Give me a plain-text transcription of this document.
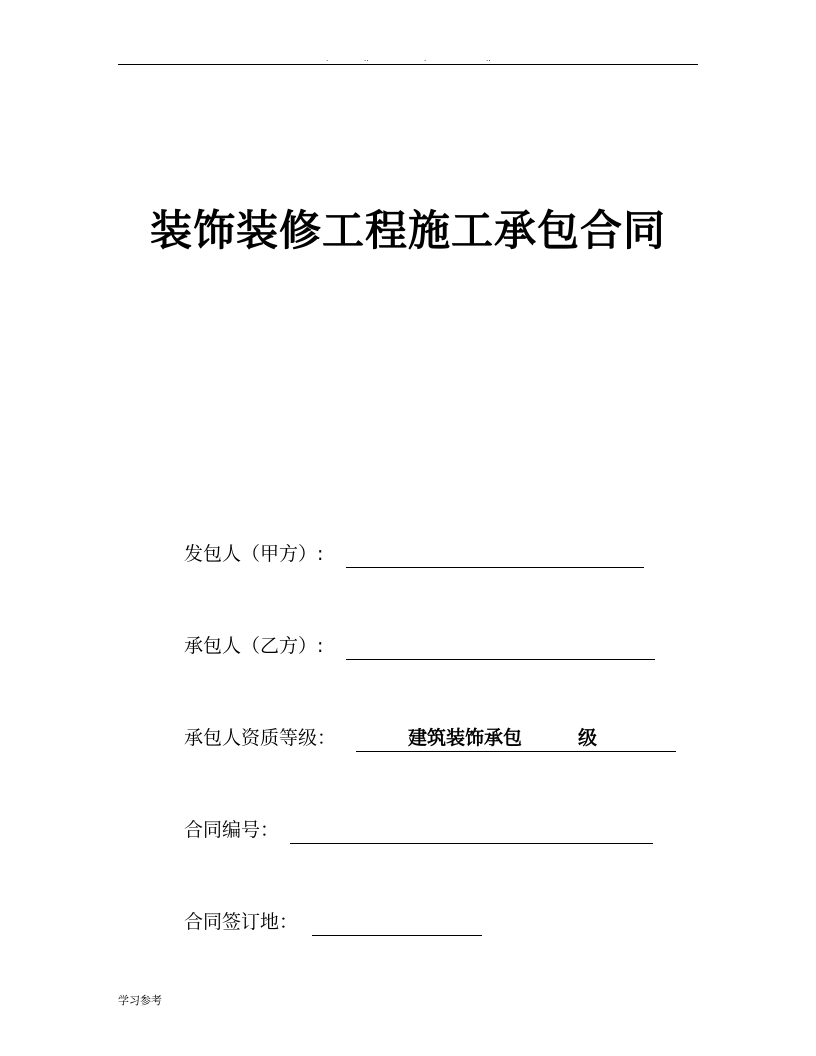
.	..	.	..
装饰装修工程施工承包合同
发包人（甲方）:
承包人（乙方）:
承包人资质等级：	建筑装饰承包	级
合同编号：
合同签订地：
学习参考
